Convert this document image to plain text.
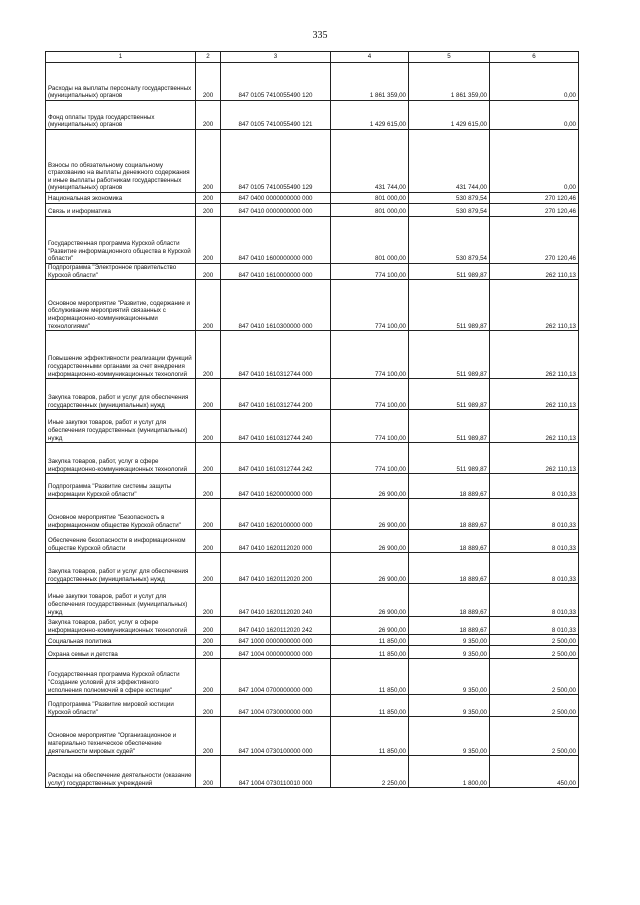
335
1	2	3	4	5	6
Расходы на выплаты персоналу государственных (муниципальных) органов	200	847 0105 7410055490 120	1 861 359,00	1 861 359,00	0,00
Фонд оплаты труда государственных (муниципальных) органов	200	847 0105 7410055490 121	1 429 615,00	1 429 615,00	0,00
Взносы по обязательному социальному страхованию на выплаты денежного содержания и иные выплаты работникам государственных (муниципальных) органов	200	847 0105 7410055490 129	431 744,00	431 744,00	0,00
Национальная экономика	200	847 0400 0000000000 000	801 000,00	530 879,54	270 120,46
Связь и информатика	200	847 0410 0000000000 000	801 000,00	530 879,54	270 120,46
Государственная программа Курской области "Развитие информационного общества в Курской области"	200	847 0410 1600000000 000	801 000,00	530 879,54	270 120,46
Подпрограмма "Электронное правительство Курской области"	200	847 0410 1610000000 000	774 100,00	511 989,87	262 110,13
Основное мероприятие "Развитие, содержание и обслуживание мероприятий связанных с информационно-коммуникационными технологиями"	200	847 0410 1610300000 000	774 100,00	511 989,87	262 110,13
Повышение эффективности реализации функций государственными органами за счет внедрения информационно-коммуникационных технологий	200	847 0410 1610312744 000	774 100,00	511 989,87	262 110,13
Закупка товаров, работ и услуг для обеспечения государственных (муниципальных) нужд	200	847 0410 1610312744 200	774 100,00	511 989,87	262 110,13
Иные закупки товаров, работ и услуг для обеспечения государственных (муниципальных) нужд	200	847 0410 1610312744 240	774 100,00	511 989,87	262 110,13
Закупка товаров, работ, услуг в сфере информационно-коммуникационных технологий	200	847 0410 1610312744 242	774 100,00	511 989,87	262 110,13
Подпрограмма "Развитие системы защиты информации Курской области"	200	847 0410 1620000000 000	26 900,00	18 889,67	8 010,33
Основное мероприятие "Безопасность в информационном обществе Курской области"	200	847 0410 1620100000 000	26 900,00	18 889,67	8 010,33
Обеспечение безопасности в информационном обществе Курской области	200	847 0410 1620112020 000	26 900,00	18 889,67	8 010,33
Закупка товаров, работ и услуг для обеспечения государственных (муниципальных) нужд	200	847 0410 1620112020 200	26 900,00	18 889,67	8 010,33
Иные закупки товаров, работ и услуг для обеспечения государственных (муниципальных) нужд	200	847 0410 1620112020 240	26 900,00	18 889,67	8 010,33
Закупка товаров, работ, услуг в сфере информационно-коммуникационных технологий	200	847 0410 1620112020 242	26 900,00	18 889,67	8 010,33
Социальная политика	200	847 1000 0000000000 000	11 850,00	9 350,00	2 500,00
Охрана семьи и детства	200	847 1004 0000000000 000	11 850,00	9 350,00	2 500,00
Государственная программа Курской области "Создание условий для эффективного исполнения полномочий в сфере юстиции"	200	847 1004 0700000000 000	11 850,00	9 350,00	2 500,00
Подпрограмма "Развитие мировой юстиции Курской области"	200	847 1004 0730000000 000	11 850,00	9 350,00	2 500,00
Основное мероприятие "Организационное и материально техническое обеспечение деятельности мировых судей"	200	847 1004 0730100000 000	11 850,00	9 350,00	2 500,00
Расходы на обеспечение деятельности (оказание услуг) государственных учреждений	200	847 1004 0730110010 000	2 250,00	1 800,00	450,00
